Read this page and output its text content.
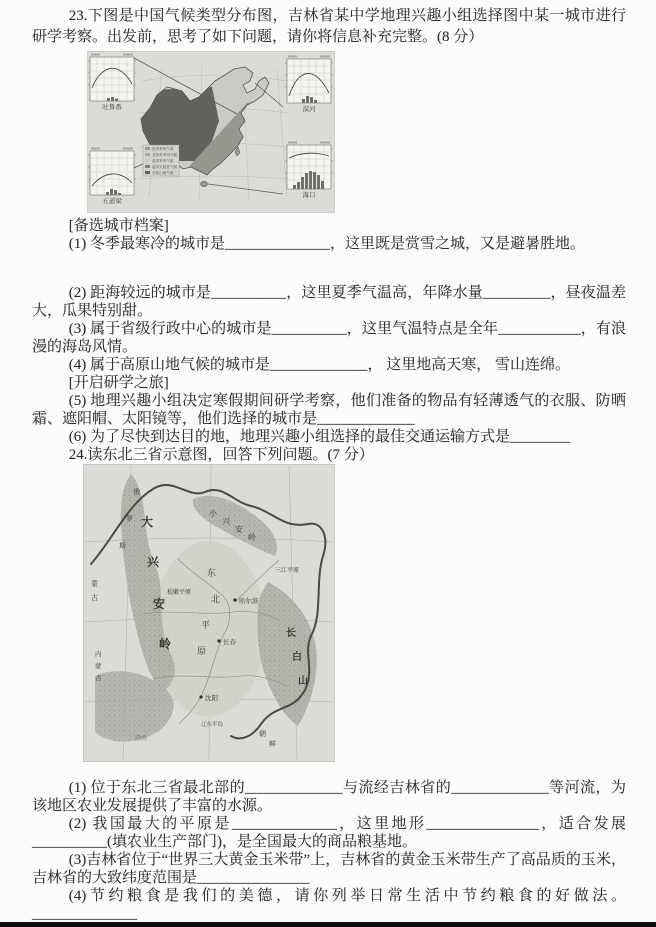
23.下图是中国气候类型分布图，吉林省某中学地理兴趣小组选择图中某一城市进行研学考察。出发前，思考了如下问题，请你将信息补充完整。(8 分）

热带季风气候
亚热带季风气候
温带季风气候
温带大陆性气候
高原山地气候
吐鲁番	漠河
五道梁
海口

[备选城市档案]

(1) 冬季最寒冷的城市是______________，这里既是赏雪之城，又是避暑胜地。

(2) 距海较远的城市是__________，这里夏季气温高，年降水量_________，昼夜温差大，瓜果特别甜。

(3) 属于省级行政中心的城市是__________，这里气温特点是全年___________，有浪漫的海岛风情。

(4) 属于高原山地气候的城市是_____________， 这里地高天寒， 雪山连绵。

[开启研学之旅]

(5) 地理兴趣小组决定寒假期间研学考察，他们准备的物品有轻薄透气的衣服、防晒霜、遮阳帽、太阳镜等，他们选择的城市是_____________

(6) 为了尽快到达目的地，地理兴趣小组选择的最佳交通运输方式是________

24.读东北三省示意图，回答下列问题。(7 分）

大
兴
安
岭
小
兴
安
岭
长
白
山
东
北
平
原
俄
罗
斯
蒙
古
内
蒙
古
朝
鲜
松嫩平原
三江平原
哈尔滨
长春
沈阳
渤海
辽东半岛

(1) 位于东北三省最北部的_____________与流经吉林省的_____________等河流，为该地区农业发展提供了丰富的水源。

(2) 我国最大的平原是______________，这里地形_______________，适合发展__________(填农业生产部门)，是全国最大的商品粮基地。

(3)吉林省位于“世界三大黄金玉米带”上，吉林省的黄金玉米带生产了高品质的玉米，吉林省的大致纬度范围是_______________

(4)节约粮食是我们的美德，请你列举日常生活中节约粮食的好做法。______________
